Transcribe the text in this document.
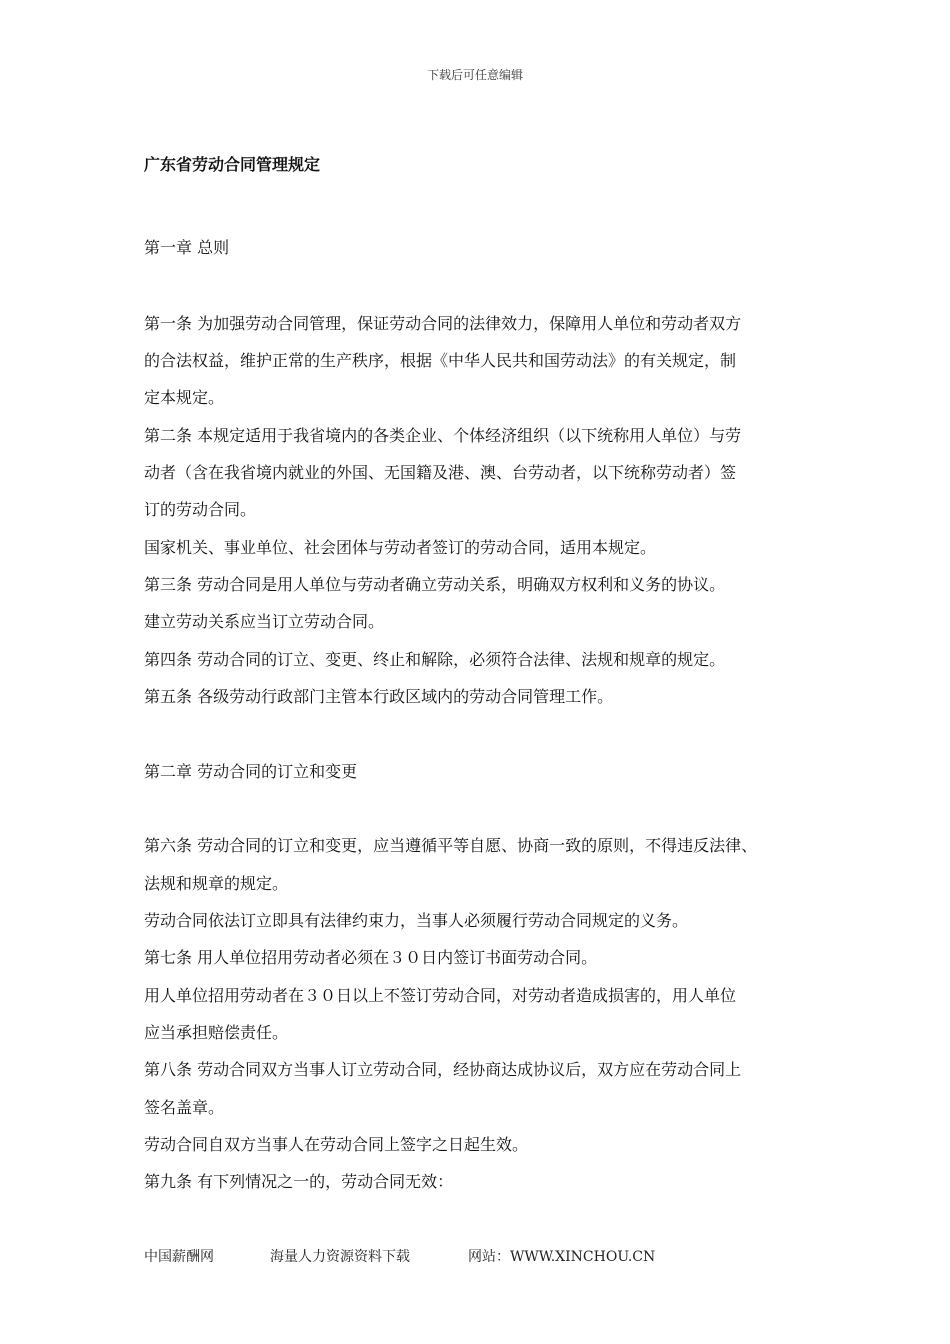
下载后可任意编辑
广东省劳动合同管理规定
第一章 总则
第一条 为加强劳动合同管理，保证劳动合同的法律效力，保障用人单位和劳动者双方
的合法权益，维护正常的生产秩序，根据《中华人民共和国劳动法》的有关规定，制
定本规定。
第二条 本规定适用于我省境内的各类企业、个体经济组织（以下统称用人单位）与劳
动者（含在我省境内就业的外国、无国籍及港、澳、台劳动者，以下统称劳动者）签
订的劳动合同。
国家机关、事业单位、社会团体与劳动者签订的劳动合同，适用本规定。
第三条 劳动合同是用人单位与劳动者确立劳动关系，明确双方权利和义务的协议。
建立劳动关系应当订立劳动合同。
第四条 劳动合同的订立、变更、终止和解除，必须符合法律、法规和规章的规定。
第五条 各级劳动行政部门主管本行政区域内的劳动合同管理工作。
第二章 劳动合同的订立和变更
第六条 劳动合同的订立和变更，应当遵循平等自愿、协商一致的原则，不得违反法律、
法规和规章的规定。
劳动合同依法订立即具有法律约束力，当事人必须履行劳动合同规定的义务。
第七条 用人单位招用劳动者必须在３０日内签订书面劳动合同。
用人单位招用劳动者在３０日以上不签订劳动合同，对劳动者造成损害的，用人单位
应当承担赔偿责任。
第八条 劳动合同双方当事人订立劳动合同，经协商达成协议后，双方应在劳动合同上
签名盖章。
劳动合同自双方当事人在劳动合同上签字之日起生效。
第九条 有下列情况之一的，劳动合同无效：
中国薪酬网	海量人力资源资料下载	网站：WWW.XINCHOU.CN
